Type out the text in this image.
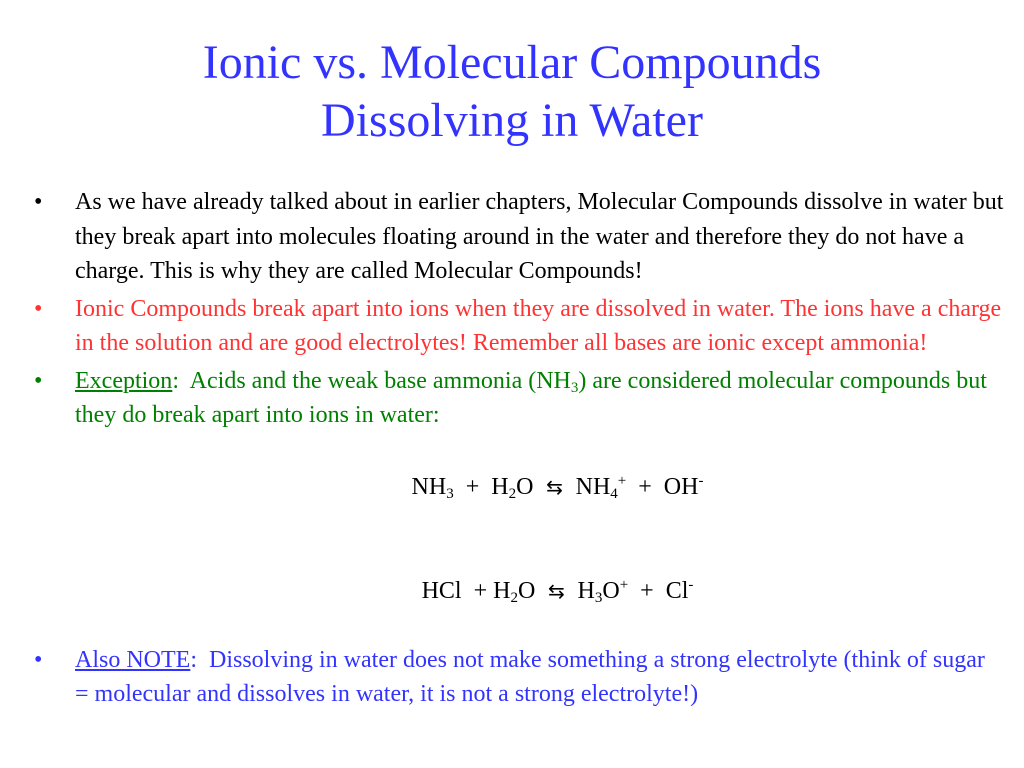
Ionic vs. Molecular Compounds
Dissolving in Water
• As we have already talked about in earlier chapters, Molecular Compounds dissolve in water but they break apart into molecules floating around in the water and therefore they do not have a charge. This is why they are called Molecular Compounds!
• Ionic Compounds break apart into ions when they are dissolved in water. The ions have a charge in the solution and are good electrolytes! Remember all bases are ionic except ammonia!
• Exception:  Acids and the weak base ammonia $(NH_3)$ are considered molecular compounds but they do break apart into ions in water:

$NH_3 + H_2O$  ⇆  $NH_4^+ + OH^-$

HCl  + $H_2O$  ⇆  $H_3O^+ + Cl^-$

• Also NOTE:  Dissolving in water does not make something a strong electrolyte (think of sugar = molecular and dissolves in water, it is not a strong electrolyte!)
